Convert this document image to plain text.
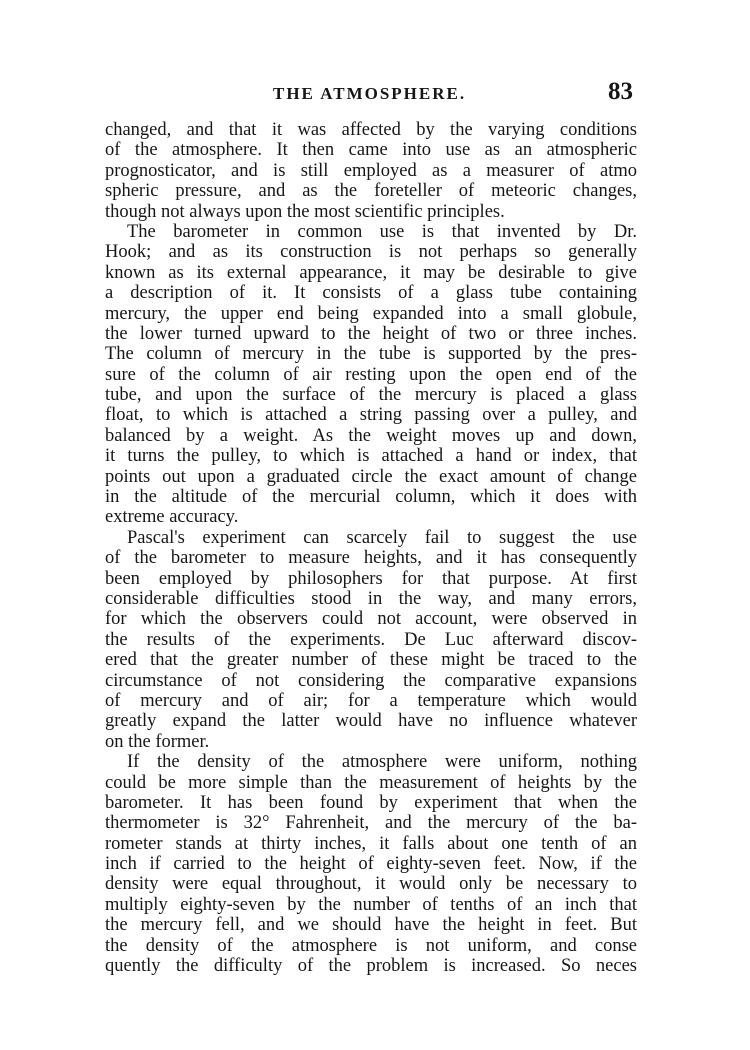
THE ATMOSPHERE.	83
changed, and that it was affected by the varying conditions
of the atmosphere. It then came into use as an atmospheric
prognosticator, and is still employed as a measurer of atmo
spheric pressure, and as the foreteller of meteoric changes,
though not always upon the most scientific principles.
The barometer in common use is that invented by Dr.
Hook; and as its construction is not perhaps so generally
known as its external appearance, it may be desirable to give
a description of it. It consists of a glass tube containing
mercury, the upper end being expanded into a small globule,
the lower turned upward to the height of two or three inches.
The column of mercury in the tube is supported by the pres-
sure of the column of air resting upon the open end of the
tube, and upon the surface of the mercury is placed a glass
float, to which is attached a string passing over a pulley, and
balanced by a weight. As the weight moves up and down,
it turns the pulley, to which is attached a hand or index, that
points out upon a graduated circle the exact amount of change
in the altitude of the mercurial column, which it does with
extreme accuracy.
Pascal's experiment can scarcely fail to suggest the use
of the barometer to measure heights, and it has consequently
been employed by philosophers for that purpose. At first
considerable difficulties stood in the way, and many errors,
for which the observers could not account, were observed in
the results of the experiments. De Luc afterward discov-
ered that the greater number of these might be traced to the
circumstance of not considering the comparative expansions
of mercury and of air; for a temperature which would
greatly expand the latter would have no influence whatever
on the former.
If the density of the atmosphere were uniform, nothing
could be more simple than the measurement of heights by the
barometer. It has been found by experiment that when the
thermometer is 32° Fahrenheit, and the mercury of the ba-
rometer stands at thirty inches, it falls about one tenth of an
inch if carried to the height of eighty-seven feet. Now, if the
density were equal throughout, it would only be necessary to
multiply eighty-seven by the number of tenths of an inch that
the mercury fell, and we should have the height in feet. But
the density of the atmosphere is not uniform, and conse
quently the difficulty of the problem is increased. So neces
